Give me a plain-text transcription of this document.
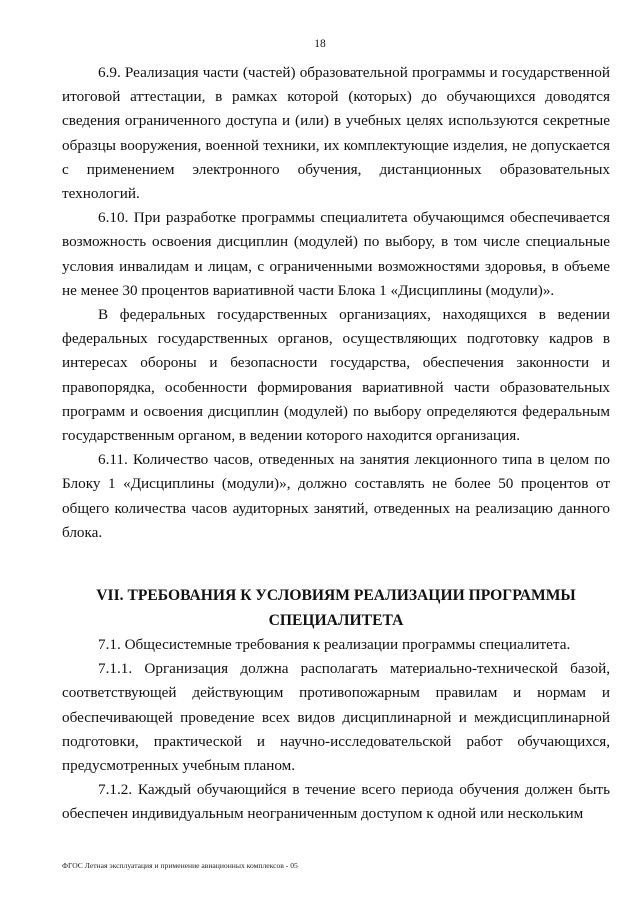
18

6.9. Реализация части (частей) образовательной программы и государственной итоговой аттестации, в рамках которой (которых) до обучающихся доводятся сведения ограниченного доступа и (или) в учебных целях используются секретные образцы вооружения, военной техники, их комплектующие изделия, не допускается с применением электронного обучения, дистанционных образовательных технологий.

6.10. При разработке программы специалитета обучающимся обеспечивается возможность освоения дисциплин (модулей) по выбору, в том числе специальные условия инвалидам и лицам, с ограниченными возможностями здоровья, в объеме не менее 30 процентов вариативной части Блока 1 «Дисциплины (модули)».

В федеральных государственных организациях, находящихся в ведении федеральных государственных органов, осуществляющих подготовку кадров в интересах обороны и безопасности государства, обеспечения законности и правопорядка, особенности формирования вариативной части образовательных программ и освоения дисциплин (модулей) по выбору определяются федеральным государственным органом, в ведении которого находится организация.

6.11. Количество часов, отведенных на занятия лекционного типа в целом по Блоку 1 «Дисциплины (модули)», должно составлять не более 50 процентов от общего количества часов аудиторных занятий, отведенных на реализацию данного блока.

VII. ТРЕБОВАНИЯ К УСЛОВИЯМ РЕАЛИЗАЦИИ ПРОГРАММЫ
СПЕЦИАЛИТЕТА

7.1. Общесистемные требования к реализации программы специалитета.

7.1.1. Организация должна располагать материально-технической базой, соответствующей действующим противопожарным правилам и нормам и обеспечивающей проведение всех видов дисциплинарной и междисциплинарной подготовки, практической и научно-исследовательской работ обучающихся, предусмотренных учебным планом.

7.1.2. Каждый обучающийся в течение всего периода обучения должен быть обеспечен индивидуальным неограниченным доступом к одной или нескольким

ФГОС Летная эксплуатация и применение авиационных комплексов - 05
